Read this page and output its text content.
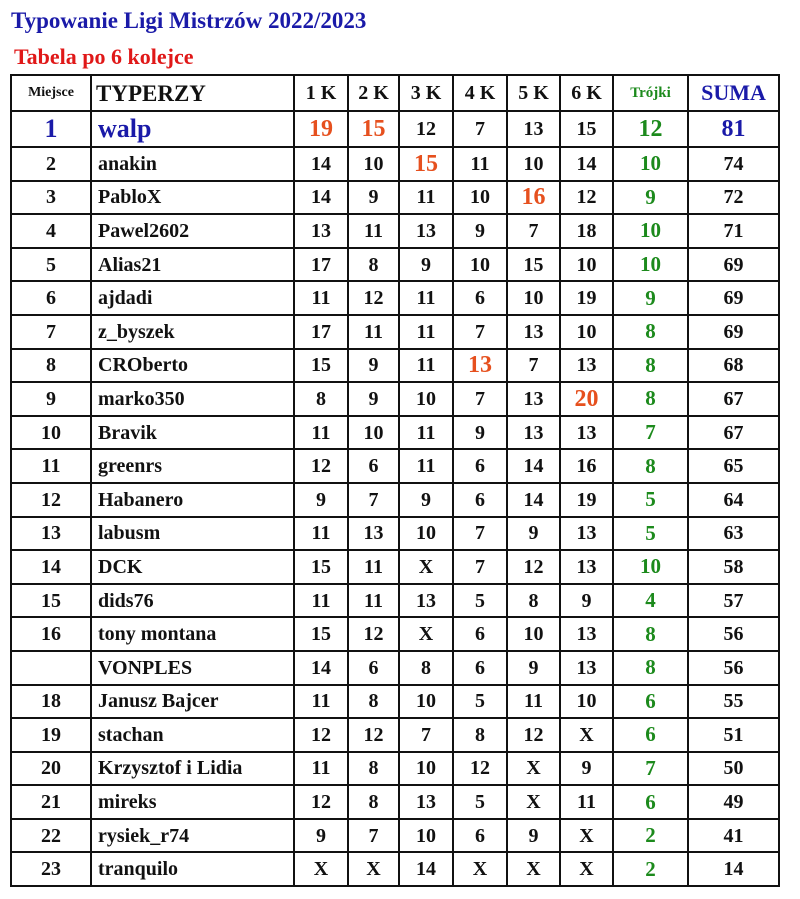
Typowanie Ligi Mistrzów 2022/2023
Tabela po 6 kolejce
Miejsce	TYPERZY	1 K	2 K	3 K	4 K	5 K	6 K	Trójki	SUMA
1	walp	19	15	12	7	13	15	12	81
2	anakin	14	10	15	11	10	14	10	74
3	PabloX	14	9	11	10	16	12	9	72
4	Pawel2602	13	11	13	9	7	18	10	71
5	Alias21	17	8	9	10	15	10	10	69
6	ajdadi	11	12	11	6	10	19	9	69
7	z_byszek	17	11	11	7	13	10	8	69
8	CROberto	15	9	11	13	7	13	8	68
9	marko350	8	9	10	7	13	20	8	67
10	Bravik	11	10	11	9	13	13	7	67
11	greenrs	12	6	11	6	14	16	8	65
12	Habanero	9	7	9	6	14	19	5	64
13	labusm	11	13	10	7	9	13	5	63
14	DCK	15	11	X	7	12	13	10	58
15	dids76	11	11	13	5	8	9	4	57
16	tony montana	15	12	X	6	10	13	8	56
	VONPLES	14	6	8	6	9	13	8	56
18	Janusz Bajcer	11	8	10	5	11	10	6	55
19	stachan	12	12	7	8	12	X	6	51
20	Krzysztof i Lidia	11	8	10	12	X	9	7	50
21	mireks	12	8	13	5	X	11	6	49
22	rysiek_r74	9	7	10	6	9	X	2	41
23	tranquilo	X	X	14	X	X	X	2	14
